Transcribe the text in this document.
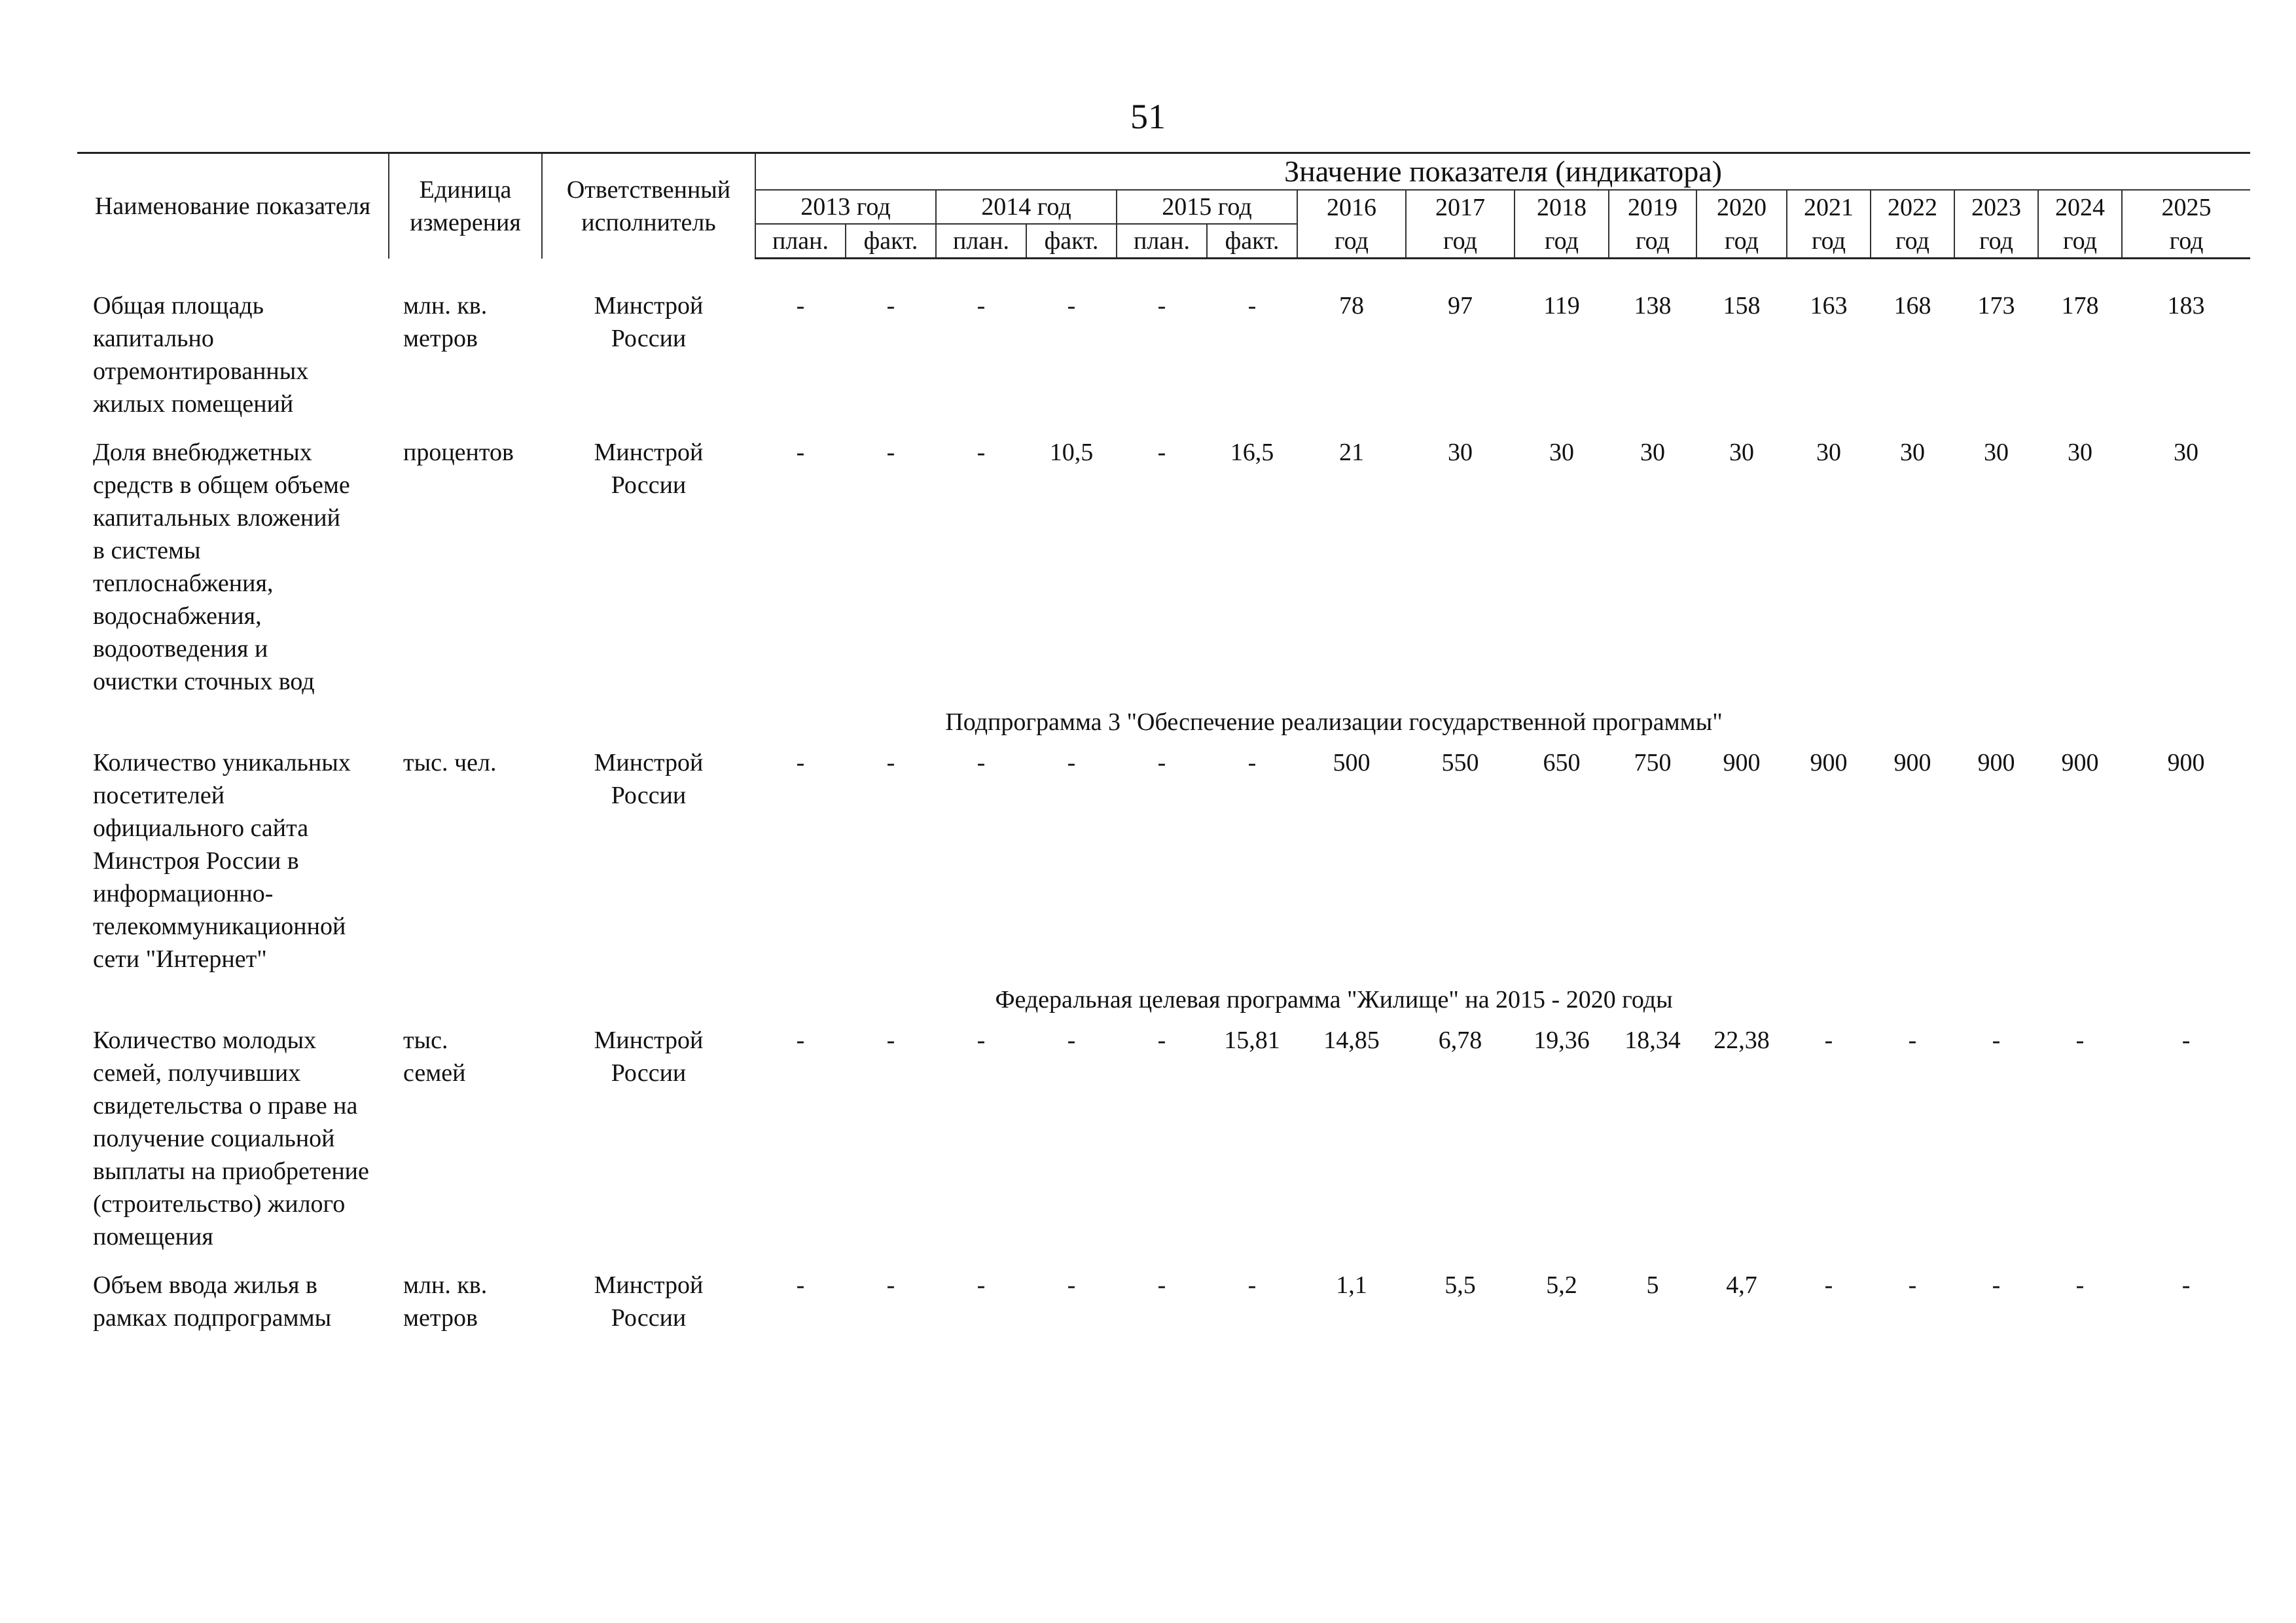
51
Наименование показателя	Единица измерения	Ответственный исполнитель	Значение показателя (индикатора)															
			2013 год		2014 год		2015 год		2016	2017	2018	2019	2020	2021	2022	2023	2024	2025
			план.	факт.	план.	факт.	план.	факт.	год	год	год	год	год	год	год	год	год	год

Общая площадь капитально отремонтированных жилых помещений	млн. кв. метров	Минстрой России	-	-	-	-	-	-	78	97	119	138	158	163	168	173	178	183

Доля внебюджетных средств в общем объеме капитальных вложений в системы теплоснабжения, водоснабжения, водоотведения и очистки сточных вод	процентов	Минстрой России	-	-	-	10,5	-	16,5	21	30	30	30	30	30	30	30	30	30
Подпрограмма 3 "Обеспечение реализации государственной программы"																		

Количество уникальных посетителей официального сайта Минстроя России в информационно-телекоммуникационной сети "Интернет"	тыс. чел.	Минстрой России	-	-	-	-	-	-	500	550	650	750	900	900	900	900	900	900
Федеральная целевая программа "Жилище" на 2015 - 2020 годы																		

Количество молодых семей, получивших свидетельства о праве на получение социальной выплаты на приобретение (строительство) жилого помещения	тыс. семей	Минстрой России	-	-	-	-	-	15,81	14,85	6,78	19,36	18,34	22,38	-	-	-	-	-

Объем ввода жилья в рамках подпрограммы	млн. кв. метров	Минстрой России	-	-	-	-	-	-	1,1	5,5	5,2	5	4,7	-	-	-	-	-
